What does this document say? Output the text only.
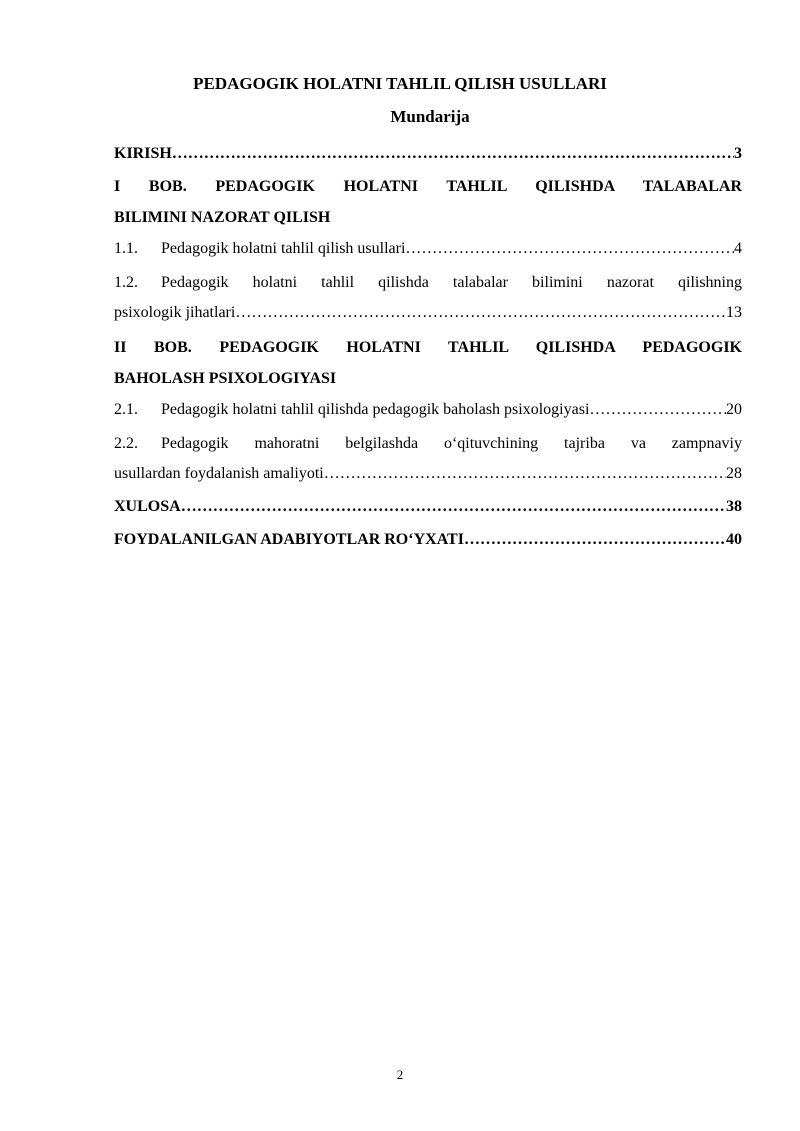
PEDAGOGIK HOLATNI TAHLIL QILISH USULLARI
Mundarija
KIRISH ……………………………………………………………………………………………………………………………………	3
I BOB. PEDAGOGIK HOLATNI TAHLIL QILISHDA TALABALAR
BILIMINI NAZORAT QILISH
1.1. Pedagogik holatni tahlil qilish usullari ……………………………………………………………………………………………………………………………………	4
1.2. Pedagogik holatni tahlil qilishda talabalar bilimini nazorat qilishning
psixologik jihatlari ……………………………………………………………………………………………………………………………………	13
II BOB. PEDAGOGIK HOLATNI TAHLIL QILISHDA PEDAGOGIK
BAHOLASH PSIXOLOGIYASI
2.1. Pedagogik holatni tahlil qilishda pedagogik baholash psixologiyasi ……………………………………………………………………………………………………………………………………	20
2.2. Pedagogik mahoratni belgilashda o‘qituvchining tajriba va zampnaviy
usullardan foydalanish amaliyoti ……………………………………………………………………………………………………………………………………	28
XULOSA ……………………………………………………………………………………………………………………………………	38
FOYDALANILGAN ADABIYOTLAR RO‘YXATI ……………………………………………………………………………………………………………………………………	40
2
